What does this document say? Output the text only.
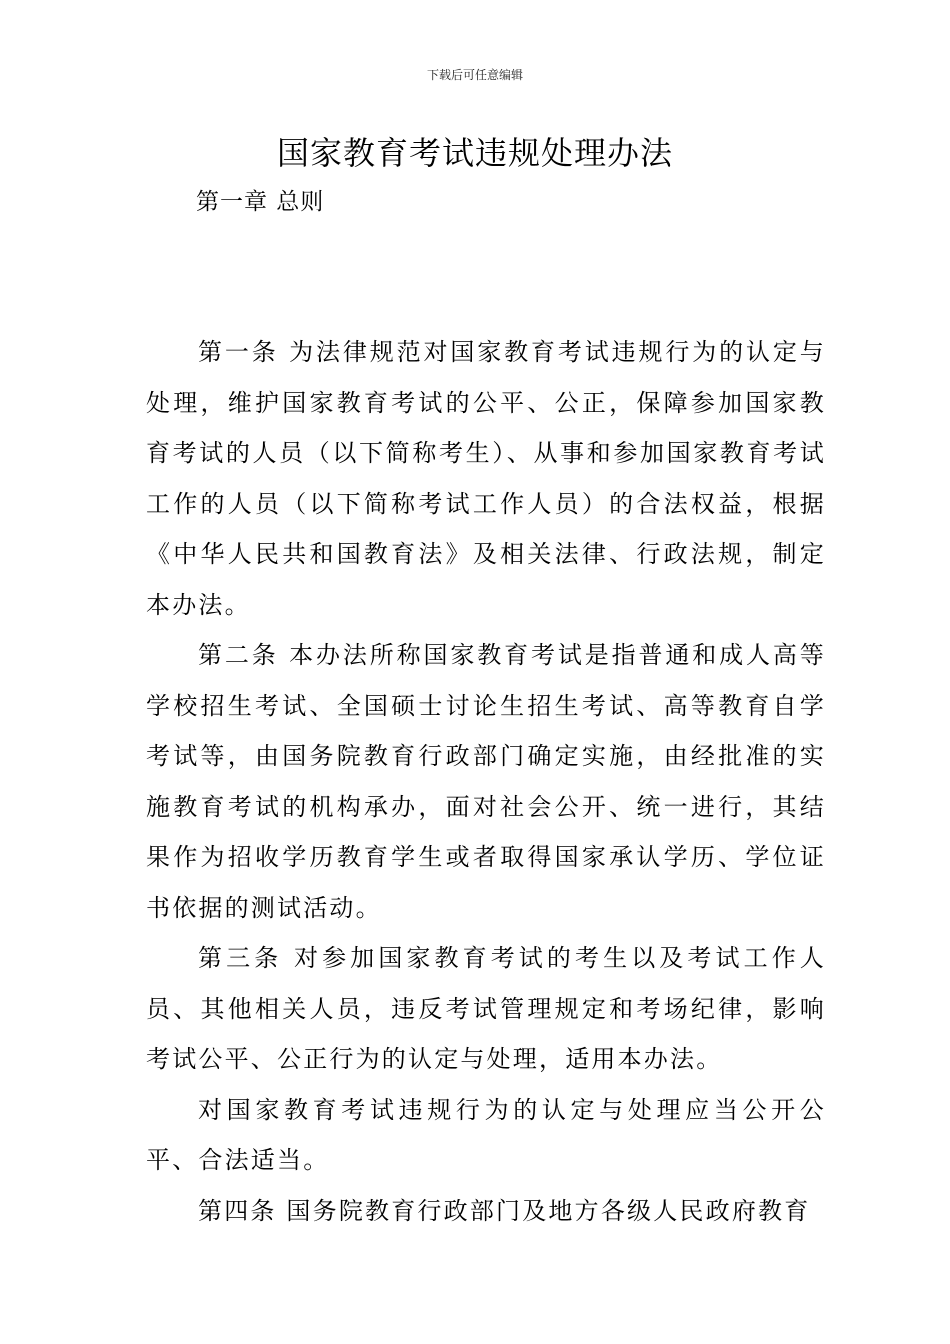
下载后可任意编辑
国家教育考试违规处理办法
第一章 总则

第一条 为法律规范对国家教育考试违规行为的认定与处理，维护国家教育考试的公平、公正，保障参加国家教育考试的人员（以下简称考生）、从事和参加国家教育考试工作的人员（以下简称考试工作人员）的合法权益，根据《中华人民共和国教育法》及相关法律、行政法规，制定本办法。

第二条 本办法所称国家教育考试是指普通和成人高等学校招生考试、全国硕士讨论生招生考试、高等教育自学考试等，由国务院教育行政部门确定实施，由经批准的实施教育考试的机构承办，面对社会公开、统一进行，其结果作为招收学历教育学生或者取得国家承认学历、学位证书依据的测试活动。

第三条 对参加国家教育考试的考生以及考试工作人员、其他相关人员，违反考试管理规定和考场纪律，影响考试公平、公正行为的认定与处理，适用本办法。

对国家教育考试违规行为的认定与处理应当公开公平、合法适当。

第四条 国务院教育行政部门及地方各级人民政府教育
